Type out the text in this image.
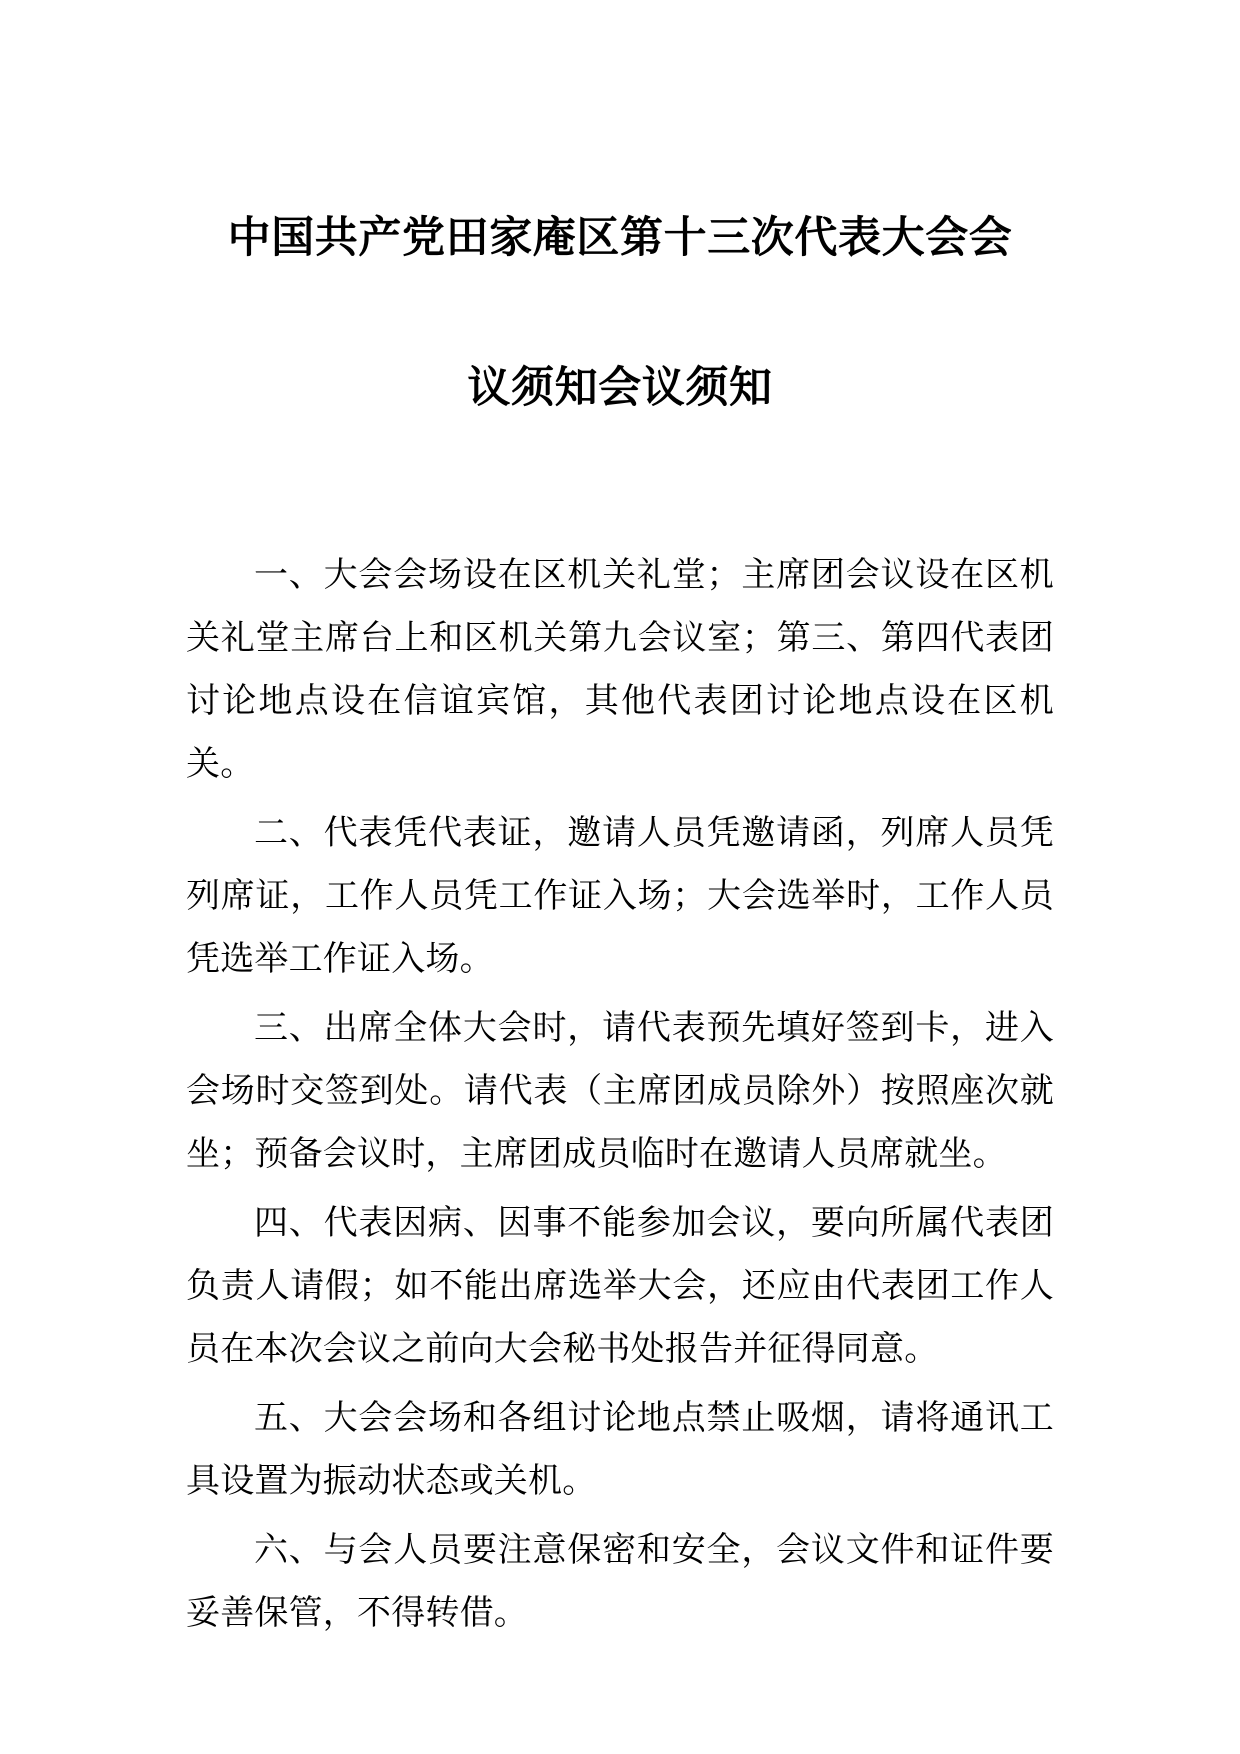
中国共产党田家庵区第十三次代表大会会
议须知会议须知

一、大会会场设在区机关礼堂；主席团会议设在区机关礼堂主席台上和区机关第九会议室；第三、第四代表团讨论地点设在信谊宾馆，其他代表团讨论地点设在区机关。

二、代表凭代表证，邀请人员凭邀请函，列席人员凭列席证，工作人员凭工作证入场；大会选举时，工作人员凭选举工作证入场。

三、出席全体大会时，请代表预先填好签到卡，进入会场时交签到处。请代表（主席团成员除外）按照座次就坐；预备会议时，主席团成员临时在邀请人员席就坐。

四、代表因病、因事不能参加会议，要向所属代表团负责人请假；如不能出席选举大会，还应由代表团工作人员在本次会议之前向大会秘书处报告并征得同意。

五、大会会场和各组讨论地点禁止吸烟，请将通讯工具设置为振动状态或关机。

六、与会人员要注意保密和安全，会议文件和证件要妥善保管，不得转借。
